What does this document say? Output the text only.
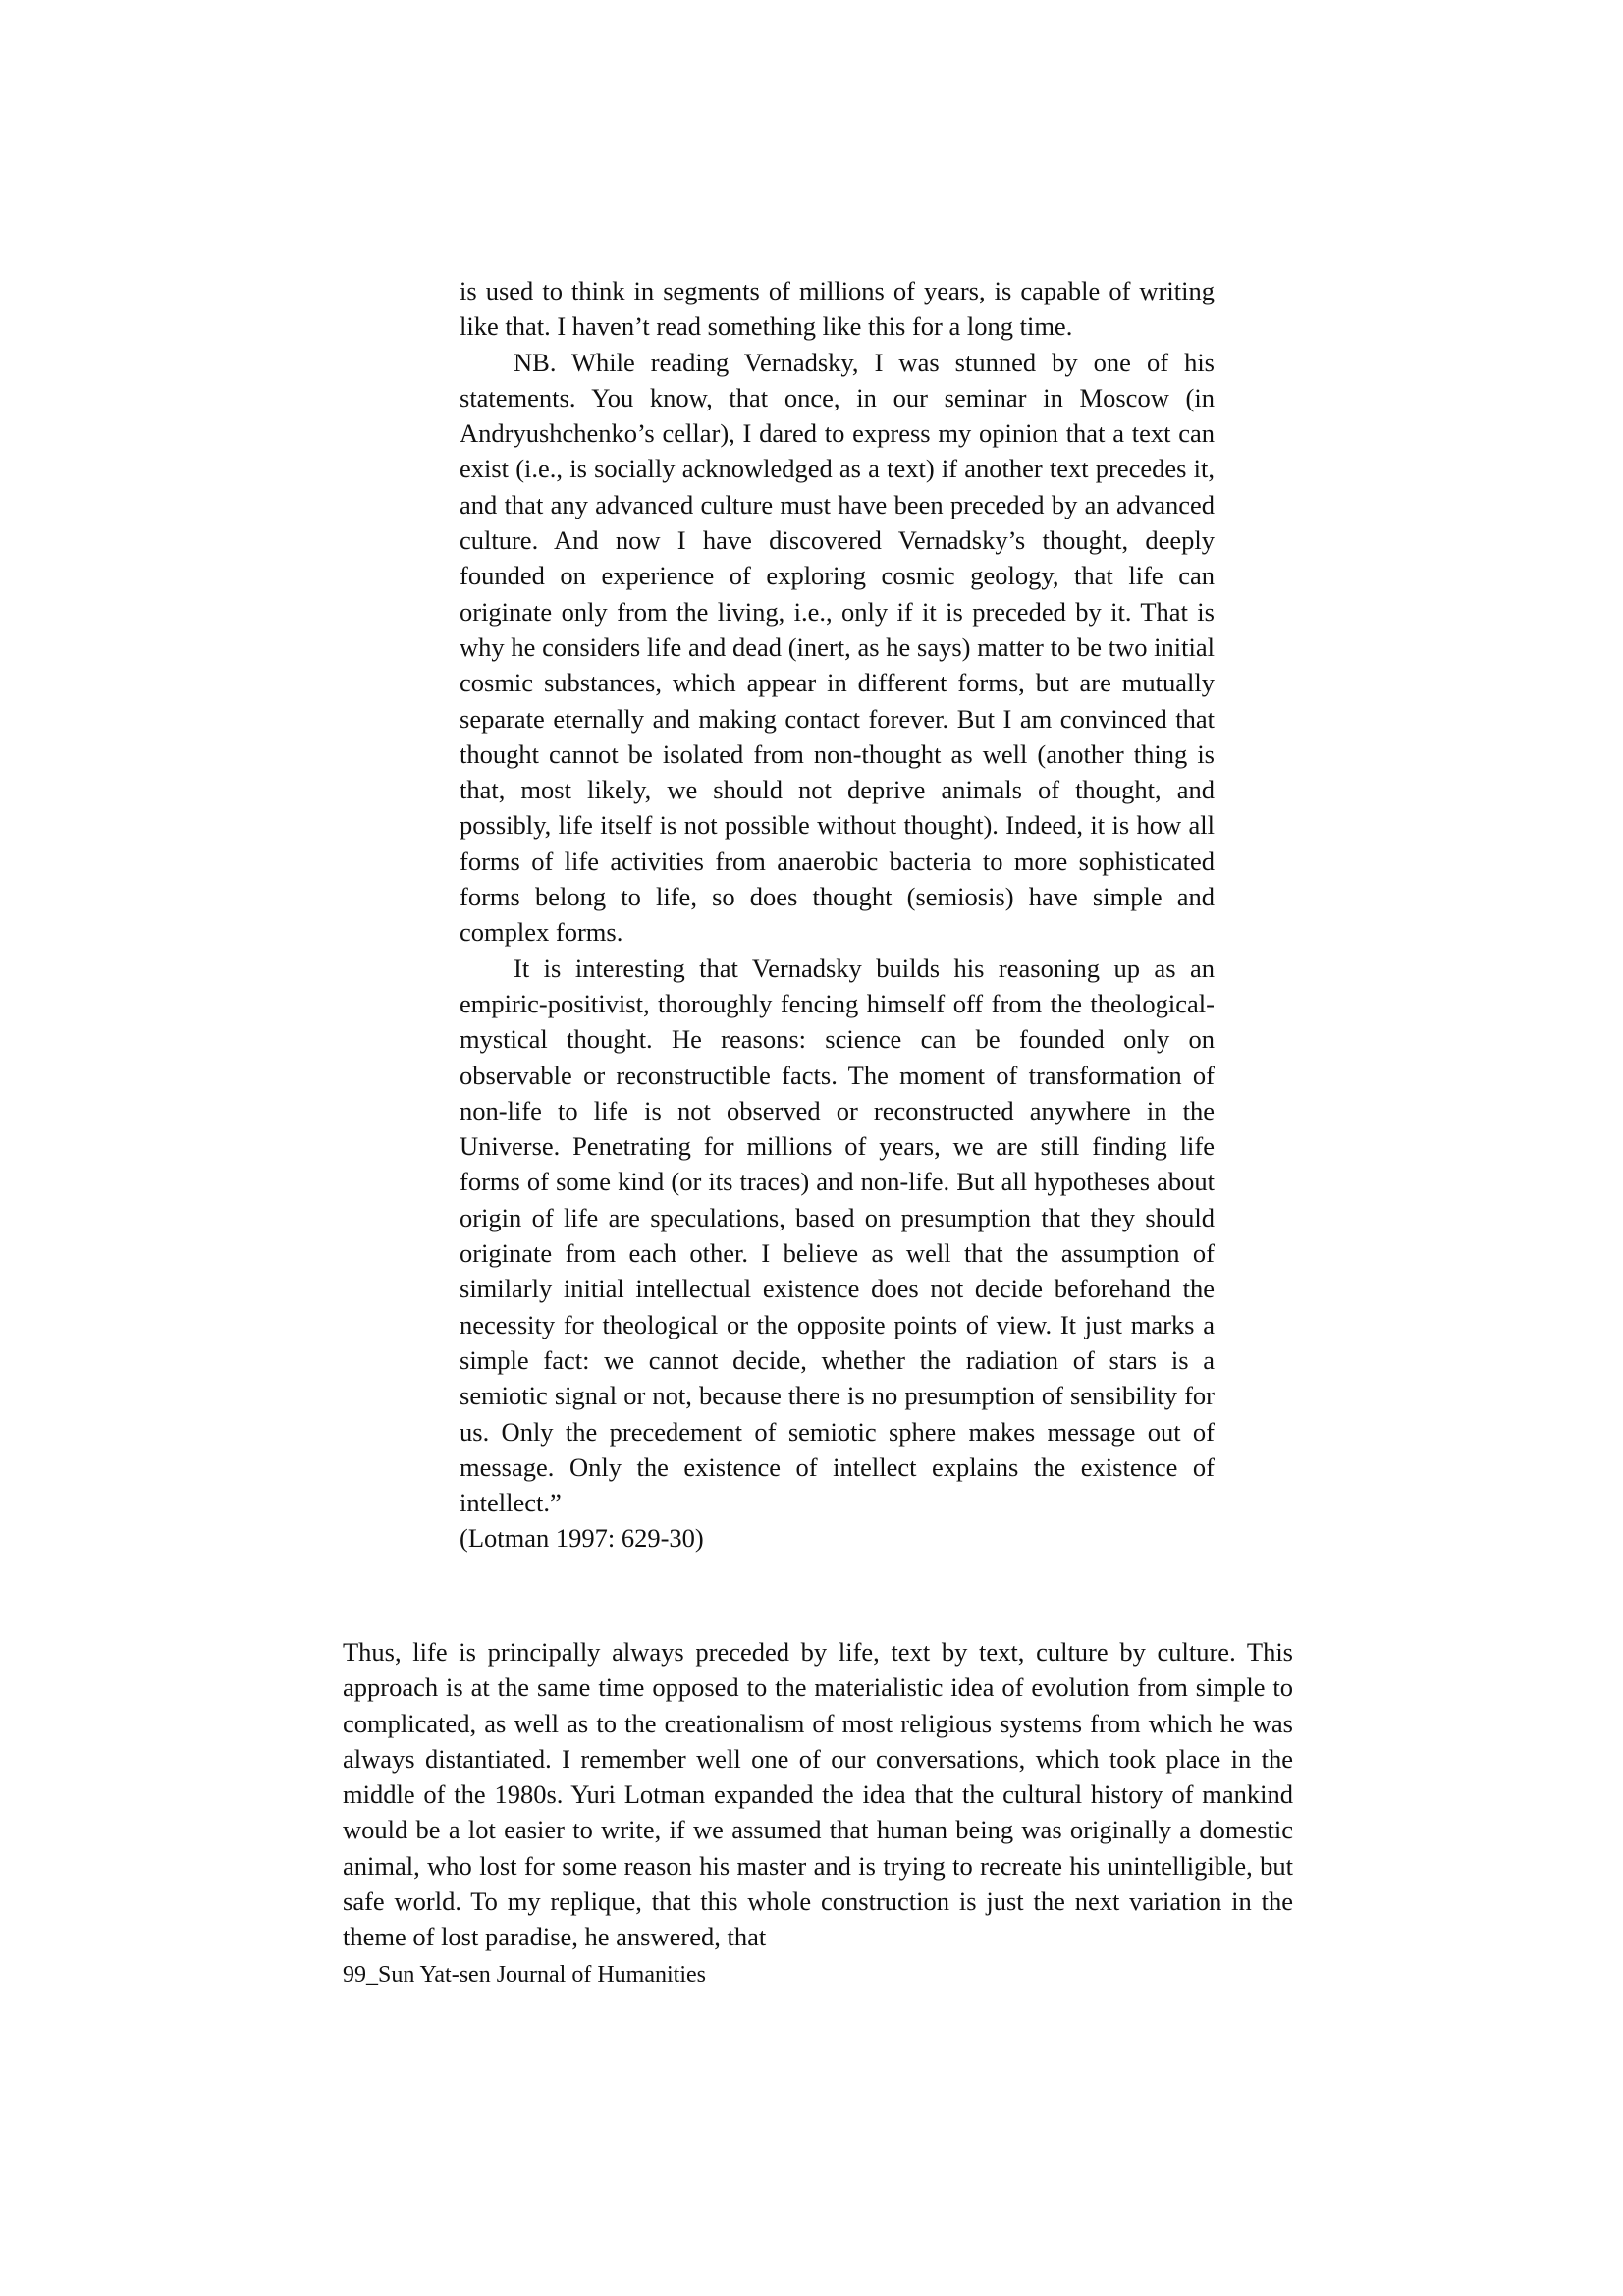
is used to think in segments of millions of years, is capable of writing like that. I haven’t read something like this for a long time.

NB. While reading Vernadsky, I was stunned by one of his statements. You know, that once, in our seminar in Moscow (in Andryushchenko’s cellar), I dared to express my opinion that a text can exist (i.e., is socially acknowledged as a text) if another text precedes it, and that any advanced culture must have been preceded by an advanced culture. And now I have discovered Vernadsky’s thought, deeply founded on experience of exploring cosmic geology, that life can originate only from the living, i.e., only if it is preceded by it. That is why he considers life and dead (inert, as he says) matter to be two initial cosmic substances, which appear in different forms, but are mutually separate eternally and making contact forever. But I am convinced that thought cannot be isolated from non-thought as well (another thing is that, most likely, we should not deprive animals of thought, and possibly, life itself is not possible without thought). Indeed, it is how all forms of life activities from anaerobic bacteria to more sophisticated forms belong to life, so does thought (semiosis) have simple and complex forms.

It is interesting that Vernadsky builds his reasoning up as an empiric-positivist, thoroughly fencing himself off from the theological-mystical thought. He reasons: science can be founded only on observable or reconstructible facts. The moment of transformation of non-life to life is not observed or reconstructed anywhere in the Universe. Penetrating for millions of years, we are still finding life forms of some kind (or its traces) and non-life. But all hypotheses about origin of life are speculations, based on presumption that they should originate from each other. I believe as well that the assumption of similarly initial intellectual existence does not decide beforehand the necessity for theological or the opposite points of view. It just marks a simple fact: we cannot decide, whether the radiation of stars is a semiotic signal or not, because there is no presumption of sensibility for us. Only the precedement of semiotic sphere makes message out of message. Only the existence of intellect explains the existence of intellect.”

(Lotman 1997: 629-30)

Thus, life is principally always preceded by life, text by text, culture by culture. This approach is at the same time opposed to the materialistic idea of evolution from simple to complicated, as well as to the creationalism of most religious systems from which he was always distantiated. I remember well one of our conversations, which took place in the middle of the 1980s. Yuri Lotman expanded the idea that the cultural history of mankind would be a lot easier to write, if we assumed that human being was originally a domestic animal, who lost for some reason his master and is trying to recreate his unintelligible, but safe world. To my replique, that this whole construction is just the next variation in the theme of lost paradise, he answered, that

99_Sun Yat-sen Journal of Humanities
